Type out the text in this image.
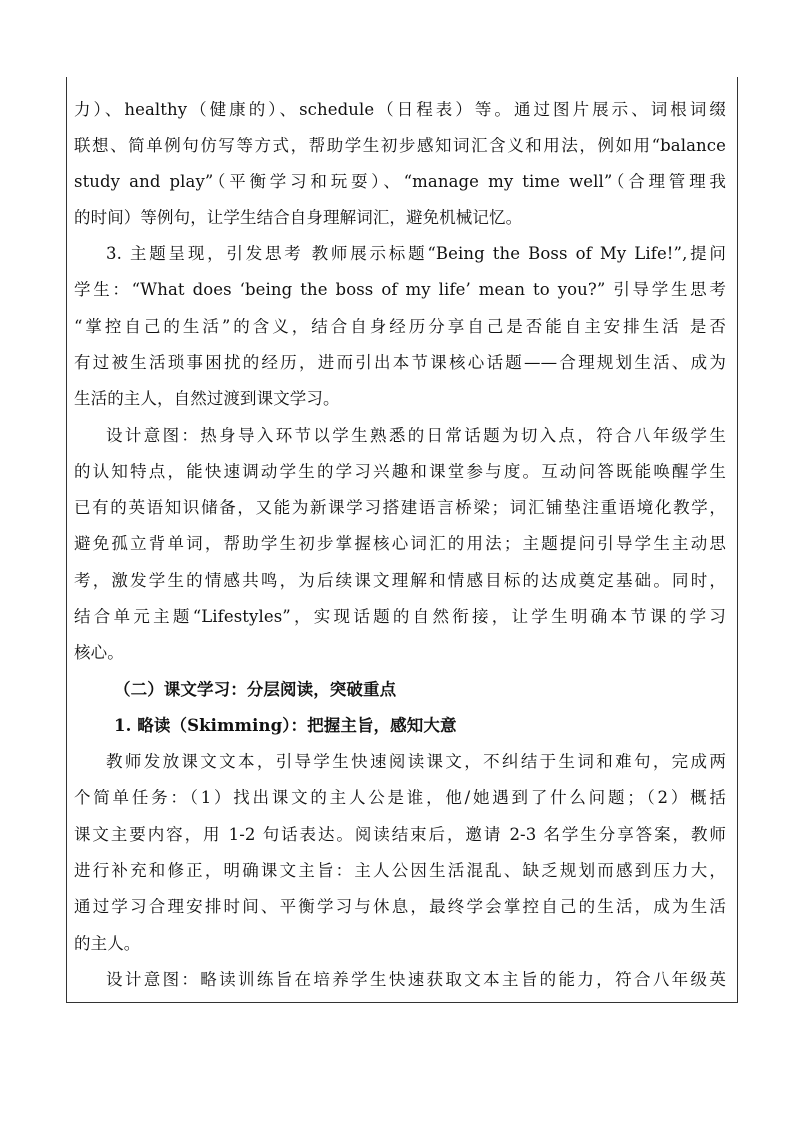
力）、healthy（健康的）、schedule（日程表）等。通过图片展示、词根词缀
联想、简单例句仿写等方式，帮助学生初步感知词汇含义和用法，例如用“balance
study and play”（平衡学习和玩耍）、“manage my time well”（合理管理我
的时间）等例句，让学生结合自身理解词汇，避免机械记忆。
3. 主题呈现，引发思考 教师展示标题“Being the Boss of My Life!”,提问
学生：“What does ‘being the boss of my life’ mean to you?” 引导学生思考
“掌控自己的生活”的含义，结合自身经历分享自己是否能自主安排生活 是否
有过被生活琐事困扰的经历，进而引出本节课核心话题——合理规划生活、成为
生活的主人，自然过渡到课文学习。
设计意图：热身导入环节以学生熟悉的日常话题为切入点，符合八年级学生
的认知特点，能快速调动学生的学习兴趣和课堂参与度。互动问答既能唤醒学生
已有的英语知识储备，又能为新课学习搭建语言桥梁；词汇铺垫注重语境化教学，
避免孤立背单词，帮助学生初步掌握核心词汇的用法；主题提问引导学生主动思
考，激发学生的情感共鸣，为后续课文理解和情感目标的达成奠定基础。同时，
结合单元主题“Lifestyles”，实现话题的自然衔接，让学生明确本节课的学习
核心。
（二）课文学习：分层阅读，突破重点
1. 略读（Skimming）：把握主旨，感知大意
教师发放课文文本，引导学生快速阅读课文，不纠结于生词和难句，完成两
个简单任务：（1）找出课文的主人公是谁，他/她遇到了什么问题；（2）概括
课文主要内容，用 1-2 句话表达。阅读结束后，邀请 2-3 名学生分享答案，教师
进行补充和修正，明确课文主旨：主人公因生活混乱、缺乏规划而感到压力大，
通过学习合理安排时间、平衡学习与休息，最终学会掌控自己的生活，成为生活
的主人。
设计意图：略读训练旨在培养学生快速获取文本主旨的能力，符合八年级英
